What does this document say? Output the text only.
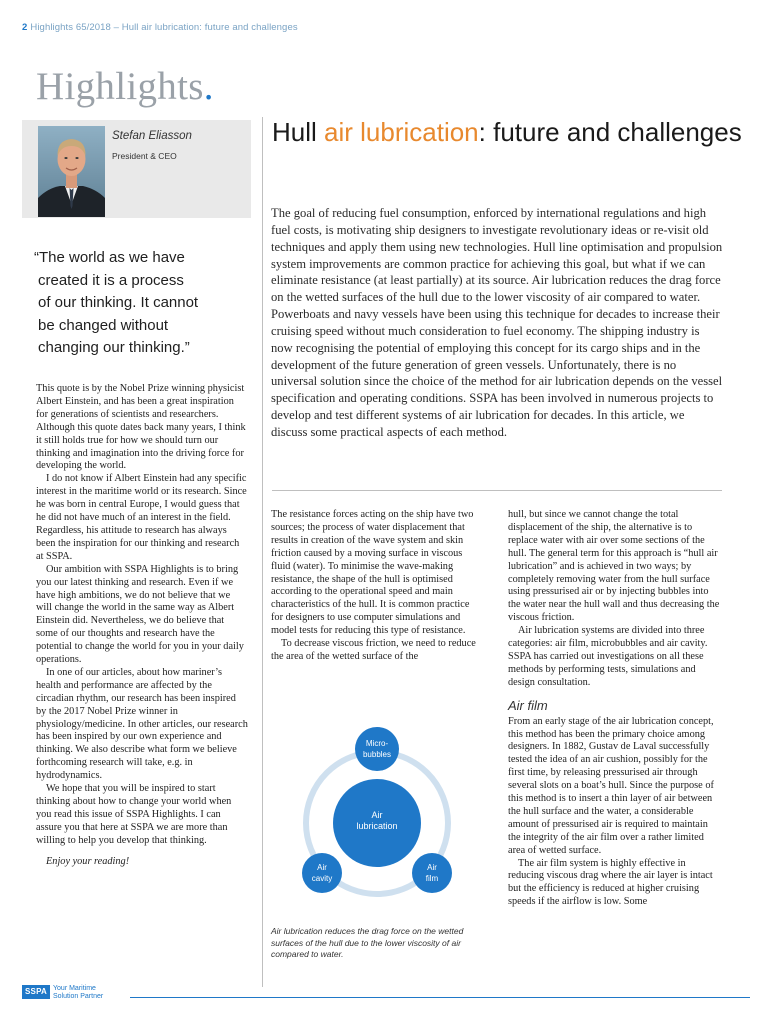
2 Highlights 65/2018 – Hull air lubrication: future and challenges
Highlights.
Stefan Eliasson
President & CEO
“The world as we have
created it is a process
of our thinking. It cannot
be changed without
changing our thinking.”

This quote is by the Nobel Prize winning physicist Albert Einstein, and has been a great inspiration for generations of scientists and researchers. Although this quote dates back many years, I think it still holds true for how we should turn our thinking and imagination into the driving force for developing the world.

I do not know if Albert Einstein had any specific interest in the maritime world or its research. Since he was born in central Europe, I would guess that he did not have much of an interest in the field. Regardless, his attitude to research has always been the inspiration for our thinking and research at SSPA.

Our ambition with SSPA Highlights is to bring you our latest thinking and research. Even if we have high ambitions, we do not believe that we will change the world in the same way as Albert Einstein did. Nevertheless, we do believe that some of our thoughts and research have the potential to change the world for you in your daily operations.

In one of our articles, about how mariner’s health and performance are affected by the circadian rhythm, our research has been inspired by the 2017 Nobel Prize winner in physiology/medicine. In other articles, our research has been inspired by our own experience and thinking. We also describe what form we believe forthcoming research will take, e.g. in hydrodynamics.

We hope that you will be inspired to start thinking about how to change your world when you read this issue of SSPA Highlights. I can assure you that here at SSPA we are more than willing to help you develop that thinking.

Enjoy your reading!

Hull air lubrication: future and challenges
The goal of reducing fuel consumption, enforced by international regulations and high fuel costs, is motivating ship designers to investigate revolutionary ideas or re-visit old techniques and apply them using new technologies. Hull line optimisation and propulsion system improvements are common practice for achieving this goal, but what if we can eliminate resistance (at least partially) at its source. Air lubrication reduces the drag force on the wetted surfaces of the hull due to the lower viscosity of air compared to water. Powerboats and navy vessels have been using this technique for decades to increase their cruising speed without much consideration to fuel economy. The shipping industry is now recognising the potential of employing this concept for its cargo ships and in the development of the future generation of green vessels. Unfortunately, there is no universal solution since the choice of the method for air lubrication depends on the vessel specification and operating conditions. SSPA has been involved in numerous projects to develop and test different systems of air lubrication for decades. In this article, we discuss some practical aspects of each method.

The resistance forces acting on the ship have two sources; the process of water displacement that results in creation of the wave system and skin friction caused by a moving surface in viscous fluid (water). To minimise the wave-making resistance, the shape of the hull is optimised according to the operational speed and main characteristics of the hull. It is common practice for designers to use computer simulations and model tests for reducing this type of resistance.

To decrease viscous friction, we need to reduce the area of the wetted surface of the

Air
lubrication
Micro-
bubbles
Air
cavity
Air
film
Air lubrication reduces the drag force on the wetted surfaces of the hull due to the lower viscosity of air compared to water.

hull, but since we cannot change the total displacement of the ship, the alternative is to replace water with air over some sections of the hull. The general term for this approach is “hull air lubrication” and is achieved in two ways; by completely removing water from the hull surface using pressurised air or by injecting bubbles into the water near the hull wall and thus decreasing the viscous friction.

Air lubrication systems are divided into three categories: air film, microbubbles and air cavity. SSPA has carried out investigations on all these methods by performing tests, simulations and design consultation.

Air film

From an early stage of the air lubrication concept, this method has been the primary choice among designers. In 1882, Gustav de Laval successfully tested the idea of an air cushion, possibly for the first time, by releasing pressurised air through several slots on a boat’s hull. Since the purpose of this method is to insert a thin layer of air between the hull surface and the water, a considerable amount of pressurised air is required to maintain the integrity of the air film over a rather limited area of wetted surface.

The air film system is highly effective in reducing viscous drag where the air layer is intact but the efficiency is reduced at higher cruising speeds if the airflow is low. Some

SSPA Your Maritime
Solution Partner
